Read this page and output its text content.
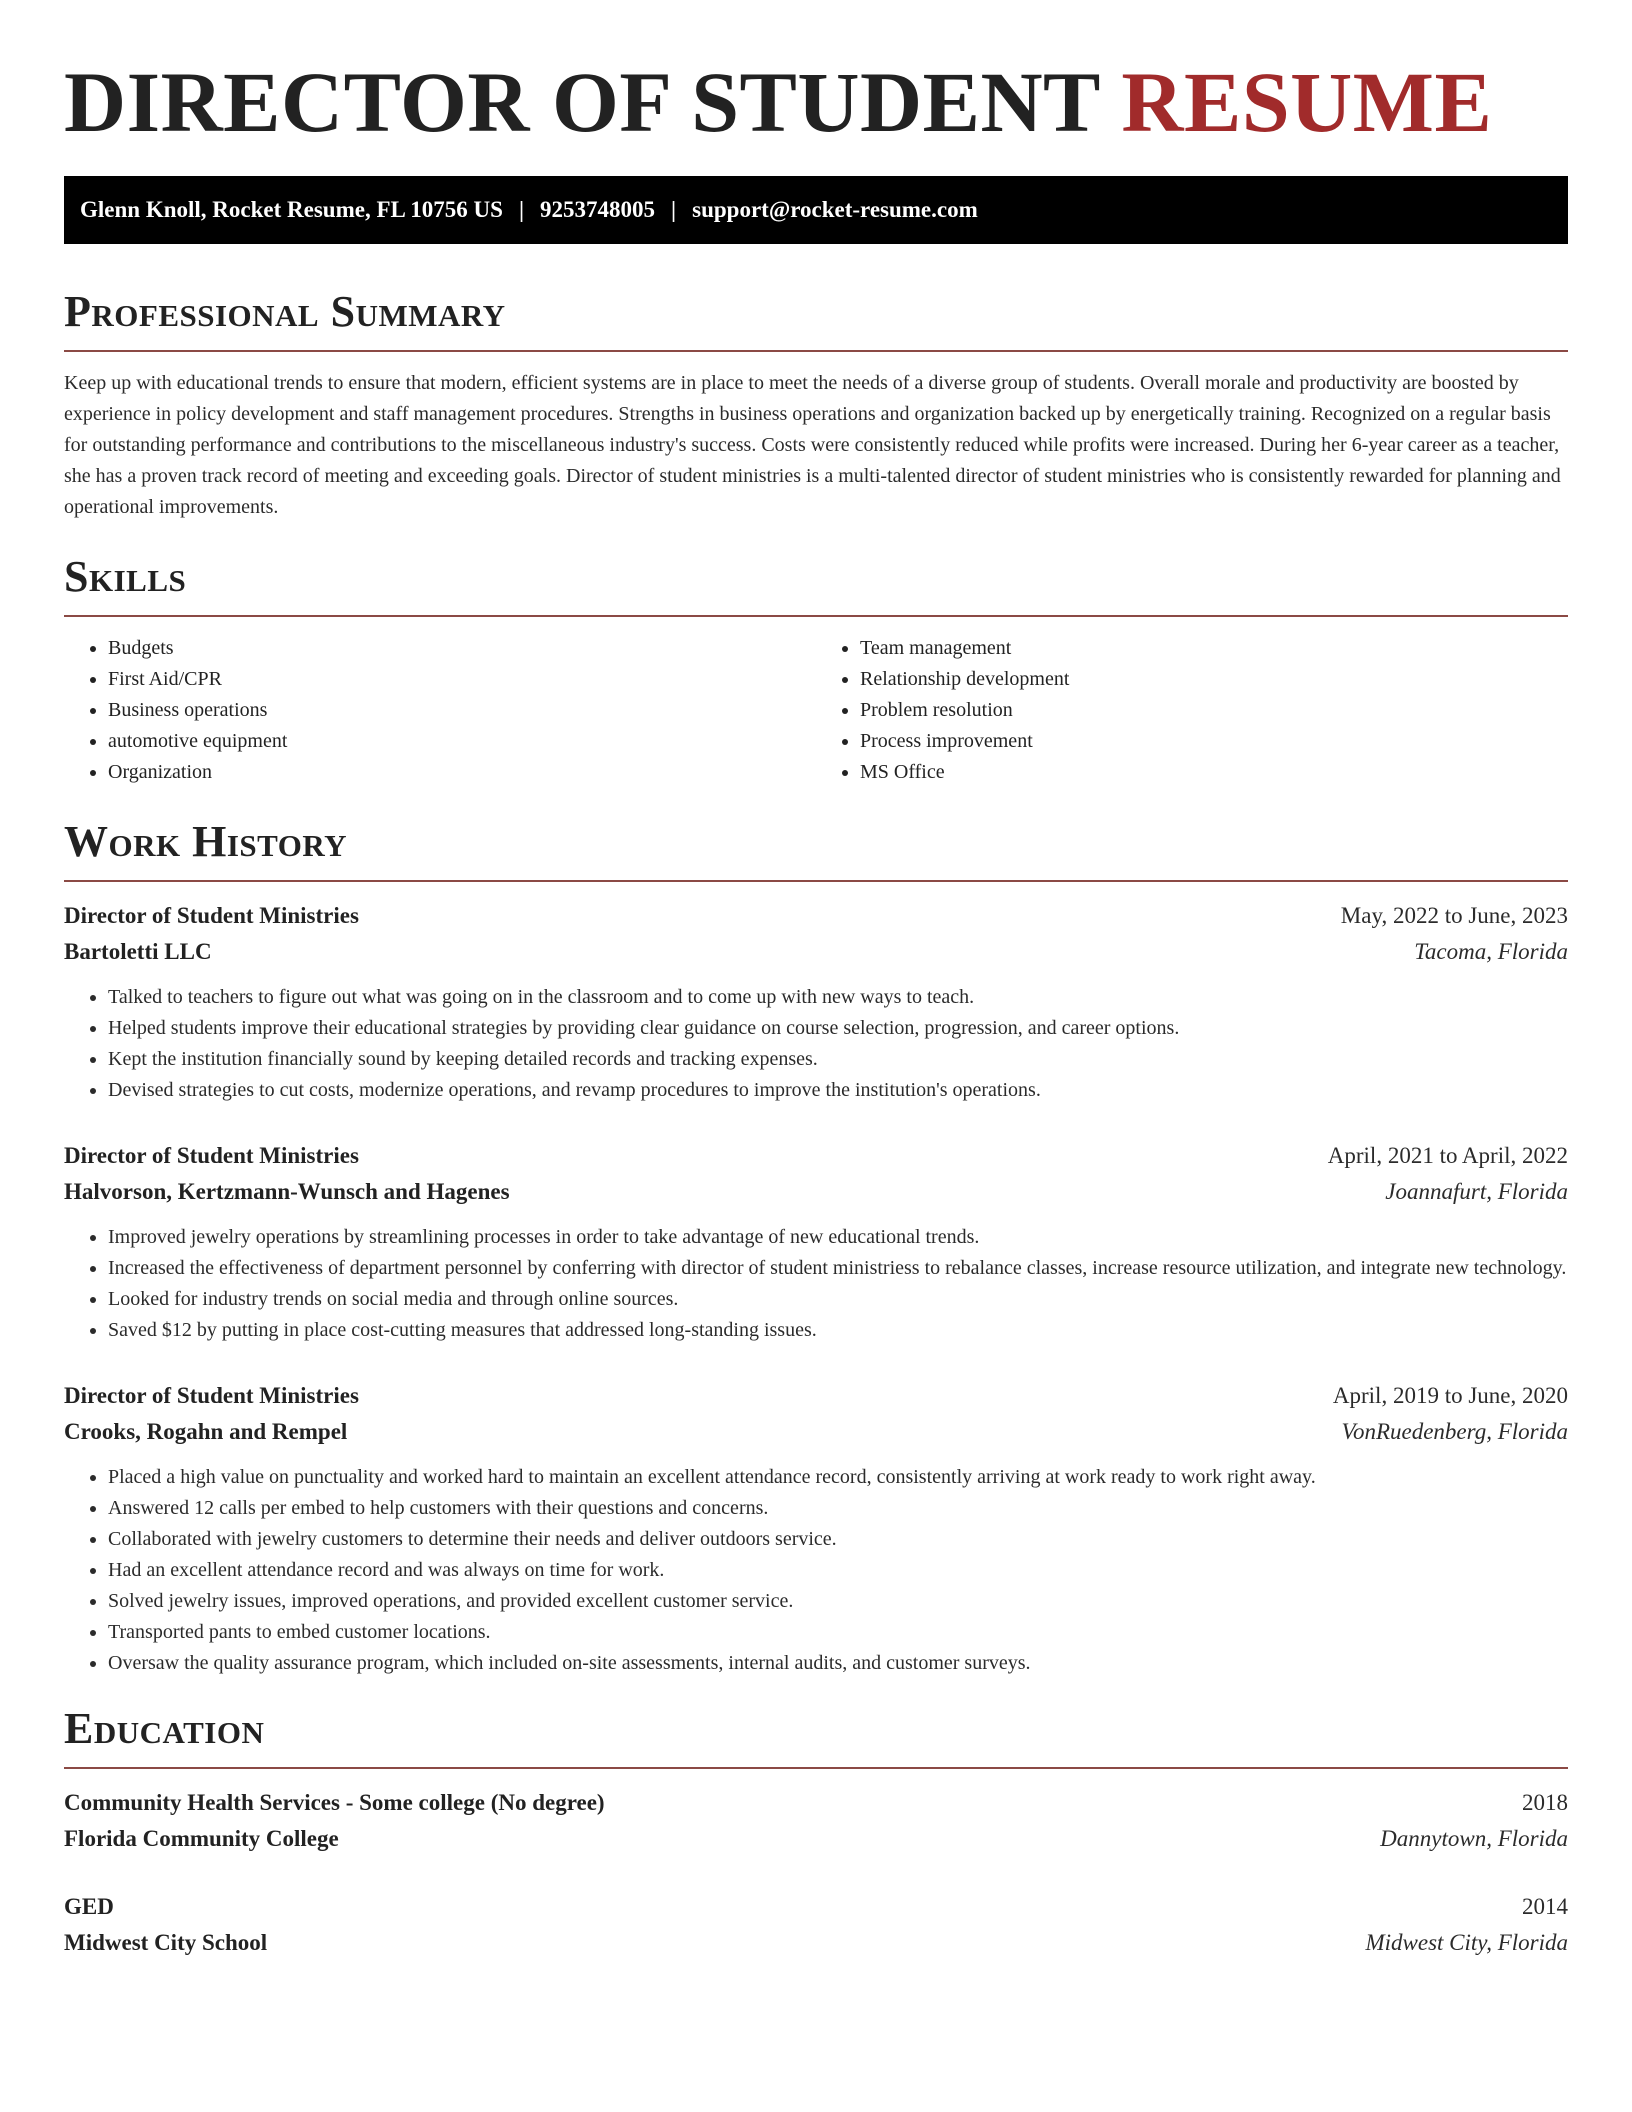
DIRECTOR OF STUDENT RESUME
Glenn Knoll, Rocket Resume, FL 10756 US | 9253748005 | support@rocket-resume.com
Professional Summary

Keep up with educational trends to ensure that modern, efficient systems are in place to meet the needs of a diverse group of students. Overall morale and productivity are boosted by experience in policy development and staff management procedures. Strengths in business operations and organization backed up by energetically training. Recognized on a regular basis for outstanding performance and contributions to the miscellaneous industry's success. Costs were consistently reduced while profits were increased. During her 6-year career as a teacher, she has a proven track record of meeting and exceeding goals. Director of student ministries is a multi-talented director of student ministries who is consistently rewarded for planning and operational improvements.

Skills
• Budgets
• First Aid/CPR
• Business operations
• automotive equipment
• Organization
• Team management
• Relationship development
• Problem resolution
• Process improvement
• MS Office
Work History
Director of Student Ministries	May, 2022 to June, 2023
Bartoletti LLC	Tacoma, Florida
• Talked to teachers to figure out what was going on in the classroom and to come up with new ways to teach.
• Helped students improve their educational strategies by providing clear guidance on course selection, progression, and career options.
• Kept the institution financially sound by keeping detailed records and tracking expenses.
• Devised strategies to cut costs, modernize operations, and revamp procedures to improve the institution's operations.
Director of Student Ministries	April, 2021 to April, 2022
Halvorson, Kertzmann-Wunsch and Hagenes	Joannafurt, Florida
• Improved jewelry operations by streamlining processes in order to take advantage of new educational trends.
• Increased the effectiveness of department personnel by conferring with director of student ministriess to rebalance classes, increase resource utilization, and integrate new technology.
• Looked for industry trends on social media and through online sources.
• Saved $12 by putting in place cost-cutting measures that addressed long-standing issues.
Director of Student Ministries	April, 2019 to June, 2020
Crooks, Rogahn and Rempel	VonRuedenberg, Florida
• Placed a high value on punctuality and worked hard to maintain an excellent attendance record, consistently arriving at work ready to work right away.
• Answered 12 calls per embed to help customers with their questions and concerns.
• Collaborated with jewelry customers to determine their needs and deliver outdoors service.
• Had an excellent attendance record and was always on time for work.
• Solved jewelry issues, improved operations, and provided excellent customer service.
• Transported pants to embed customer locations.
• Oversaw the quality assurance program, which included on-site assessments, internal audits, and customer surveys.
Education
Community Health Services - Some college (No degree)	2018
Florida Community College	Dannytown, Florida
GED	2014
Midwest City School	Midwest City, Florida
